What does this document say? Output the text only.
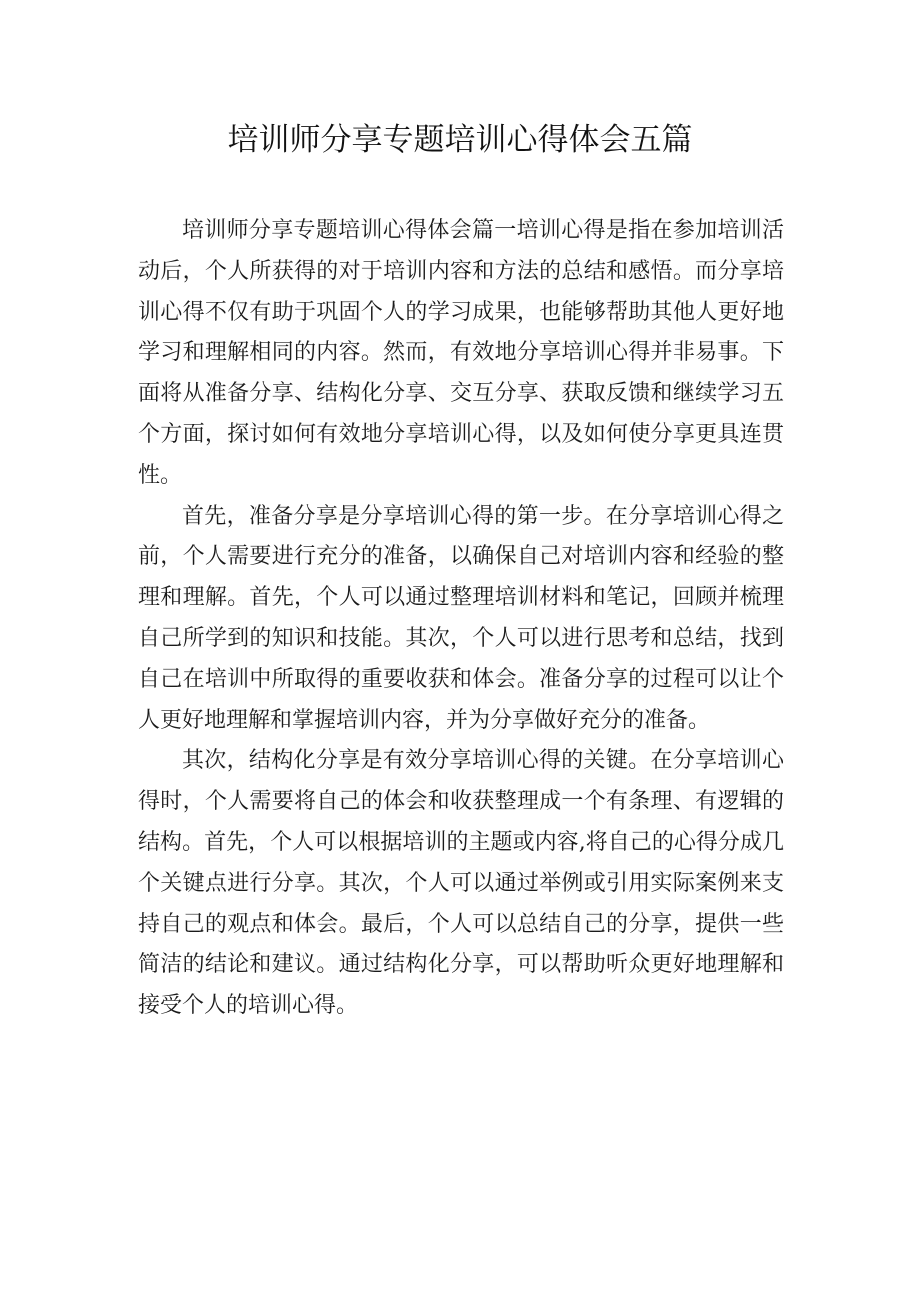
培训师分享专题培训心得体会五篇

培训师分享专题培训心得体会篇一培训心得是指在参加培训活动后，个人所获得的对于培训内容和方法的总结和感悟。而分享培训心得不仅有助于巩固个人的学习成果，也能够帮助其他人更好地学习和理解相同的内容。然而，有效地分享培训心得并非易事。下面将从准备分享、结构化分享、交互分享、获取反馈和继续学习五个方面，探讨如何有效地分享培训心得，以及如何使分享更具连贯性。

首先，准备分享是分享培训心得的第一步。在分享培训心得之前，个人需要进行充分的准备，以确保自己对培训内容和经验的整理和理解。首先，个人可以通过整理培训材料和笔记，回顾并梳理自己所学到的知识和技能。其次，个人可以进行思考和总结，找到自己在培训中所取得的重要收获和体会。准备分享的过程可以让个人更好地理解和掌握培训内容，并为分享做好充分的准备。

其次，结构化分享是有效分享培训心得的关键。在分享培训心得时，个人需要将自己的体会和收获整理成一个有条理、有逻辑的结构。首先，个人可以根据培训的主题或内容,将自己的心得分成几个关键点进行分享。其次，个人可以通过举例或引用实际案例来支持自己的观点和体会。最后，个人可以总结自己的分享，提供一些简洁的结论和建议。通过结构化分享，可以帮助听众更好地理解和接受个人的培训心得。
